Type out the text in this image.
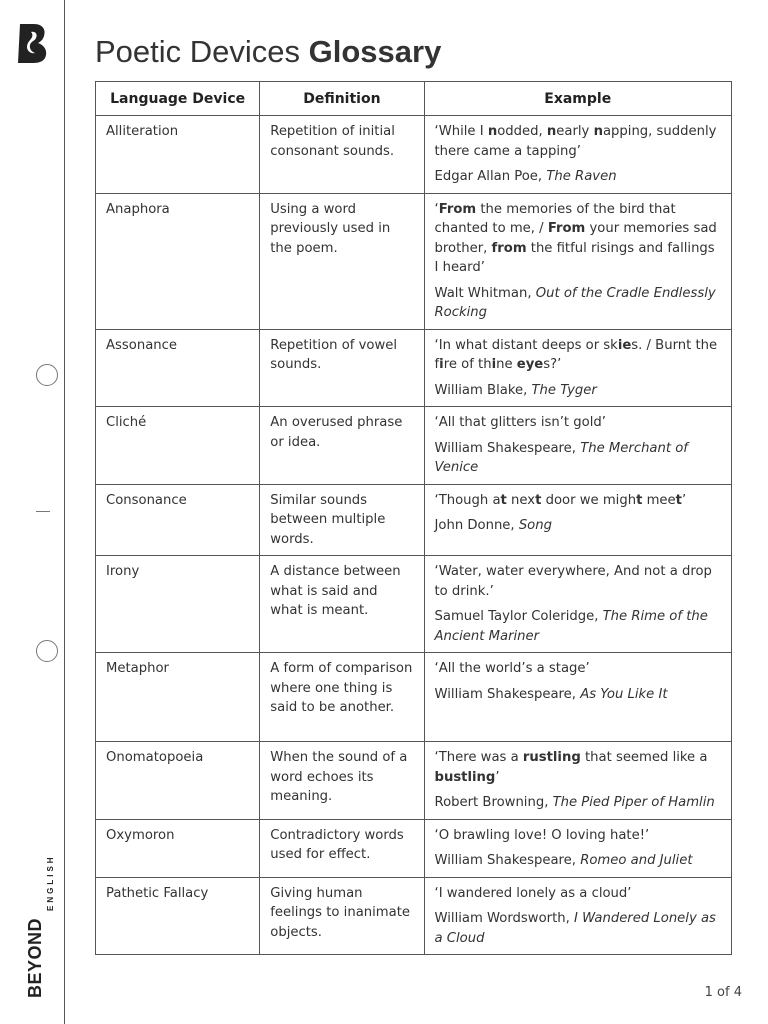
BEYOND
ENGLISH
Poetic Devices Glossary
Language Device	Definition	Example
Alliteration	Repetition of initial consonant sounds.	‘While I nodded, nearly napping, suddenly there came a tapping’
Edgar Allan Poe, The Raven

Anaphora	Using a word previously used in the poem.	‘From the memories of the bird that chanted to me, / From your memories sad brother, from the fitful risings and fallings I heard’
Walt Whitman, Out of the Cradle Endlessly Rocking

Assonance	Repetition of vowel sounds.	‘In what distant deeps or skies. / Burnt the fire of thine eyes?’
William Blake, The Tyger

Cliché	An overused phrase or idea.	‘All that glitters isn’t gold’
William Shakespeare, The Merchant of Venice

Consonance	Similar sounds between multiple words.	‘Though at next door we might meet’
John Donne, Song

Irony	A distance between what is said and what is meant.	‘Water, water everywhere, And not a drop to drink.’
Samuel Taylor Coleridge, The Rime of the Ancient Mariner

Metaphor	A form of comparison where one thing is said to be another.	‘All the world’s a stage’
William Shakespeare, As You Like It

Onomatopoeia	When the sound of a word echoes its meaning.	‘There was a rustling that seemed like a bustling’
Robert Browning, The Pied Piper of Hamlin

Oxymoron	Contradictory words used for effect.	‘O brawling love! O loving hate!’
William Shakespeare, Romeo and Juliet

Pathetic Fallacy	Giving human feelings to inanimate objects.	‘I wandered lonely as a cloud’
William Wordsworth, I Wandered Lonely as a Cloud
1 of 4
